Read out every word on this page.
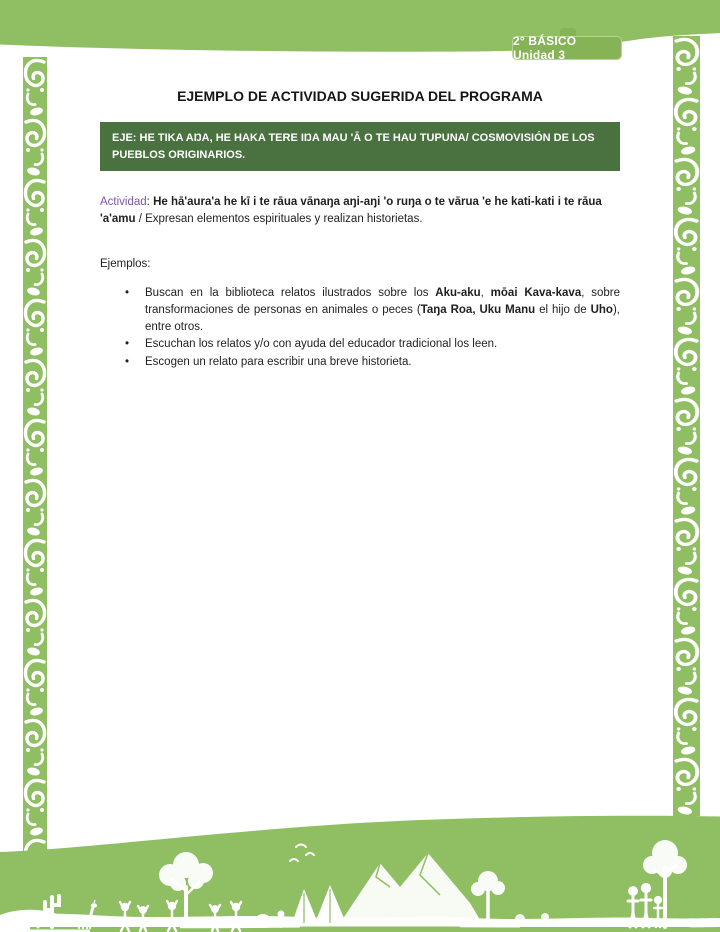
2° BÁSICO Unidad 3
EJEMPLO DE ACTIVIDAD SUGERIDA DEL PROGRAMA
EJE: HE TIKA AŊA, HE HAKA TERE IŊA MAU 'Ā O TE HAU TUPUNA/ COSMOVISIÓN DE LOS PUEBLOS ORIGINARIOS.

Actividad: He hā'aura'a he kī i te rāua vānaŋa aŋi-aŋi 'o ruŋa o te vārua 'e he kati-kati i te rāua 'a'amu / Expresan elementos espirituales y realizan historietas.

Ejemplos:

•	Buscan en la biblioteca relatos ilustrados sobre los Aku-aku, mōai Kava-kava, sobre transformaciones de personas en animales o peces (Taŋa Roa, Uku Manu el hijo de Uho), entre otros.
•	Escuchan los relatos y/o con ayuda del educador tradicional los leen.
•	Escogen un relato para escribir una breve historieta.
